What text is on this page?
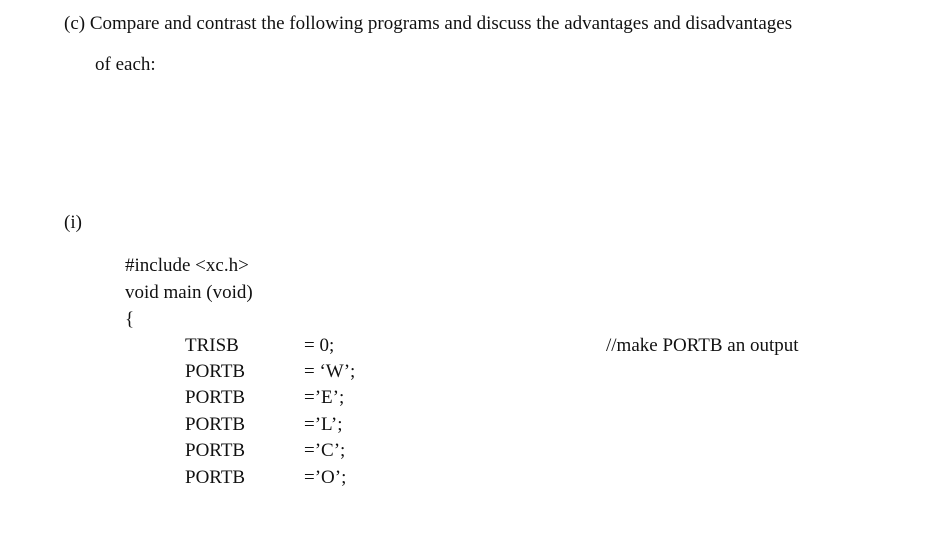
(c) Compare and contrast the following programs and discuss the advantages and disadvantages
of each:
(i)
#include <xc.h>
void main (void)
{
TRISB	= 0;	//make PORTB an output
PORTB	= ‘W’;
PORTB	=’E’;
PORTB	=’L’;
PORTB	=’C’;
PORTB	=’O’;
